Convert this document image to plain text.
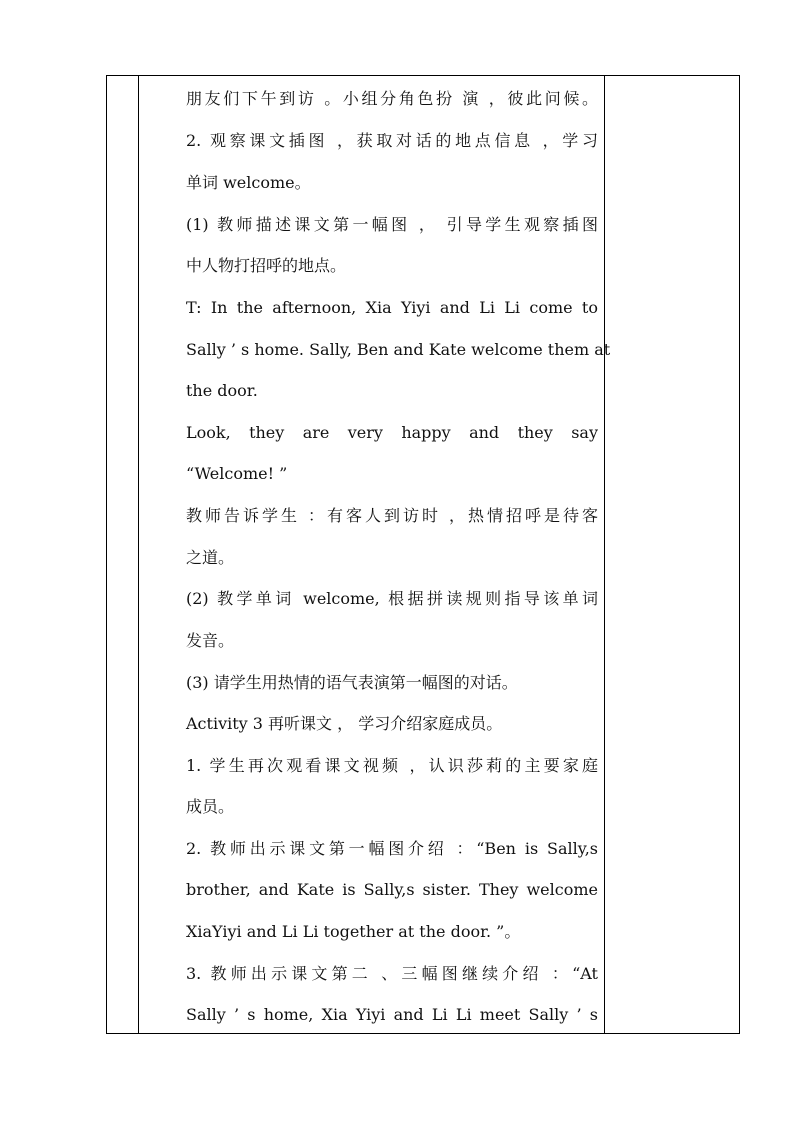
朋友们下午到访 。小组分角色扮 演 ，彼此问候。
2. 观察课文插图 ，获取对话的地点信息 ，学习
单词 welcome。
(1) 教师描述课文第一幅图 ， 引导学生观察插图
中人物打招呼的地点。
T: In the afternoon, Xia Yiyi and Li Li come to
Sally ’ s home. Sally, Ben and Kate welcome them at
the door.
Look, they are very happy and they say
“Welcome! ”
教师告诉学生 ：有客人到访时 ，热情招呼是待客
之道。
(2) 教学单词 welcome, 根据拼读规则指导该单词
发音。
(3) 请学生用热情的语气表演第一幅图的对话。
Activity 3 再听课文 ， 学习介绍家庭成员。
1. 学生再次观看课文视频 ，认识莎莉的主要家庭
成员。
2. 教师出示课文第一幅图介绍 ：“Ben is Sally,s
brother, and Kate is Sally,s sister. They welcome
XiaYiyi and Li Li together at the door. ”。
3. 教师出示课文第二 、三幅图继续介绍 ：“At
Sally ’ s home, Xia Yiyi and Li Li meet Sally ’ s
